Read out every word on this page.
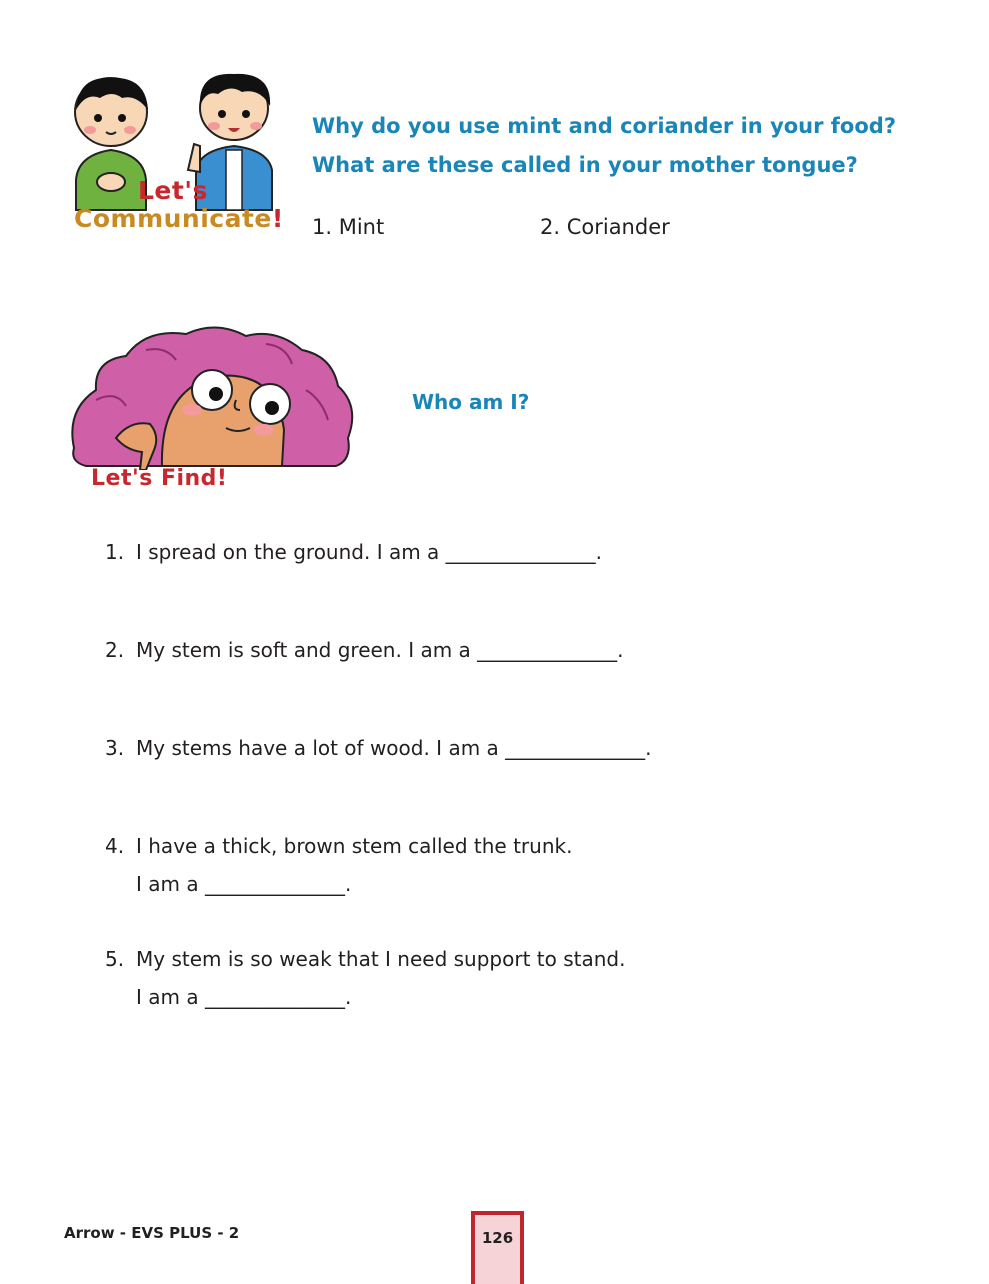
Let's
Communicate!
Why do you use mint and coriander in your food?
What are these called in your mother tongue?
1. Mint	2. Coriander
Let's Find!
Who am I?
1. I spread on the ground. I am a _______________.
2. My stem is soft and green. I am a ______________.
3. My stems have a lot of wood. I am a ______________.
4. I have a thick, brown stem called the trunk.
I am a ______________.
5. My stem is so weak that I need support to stand.
I am a ______________.
Arrow - EVS PLUS - 2	126
